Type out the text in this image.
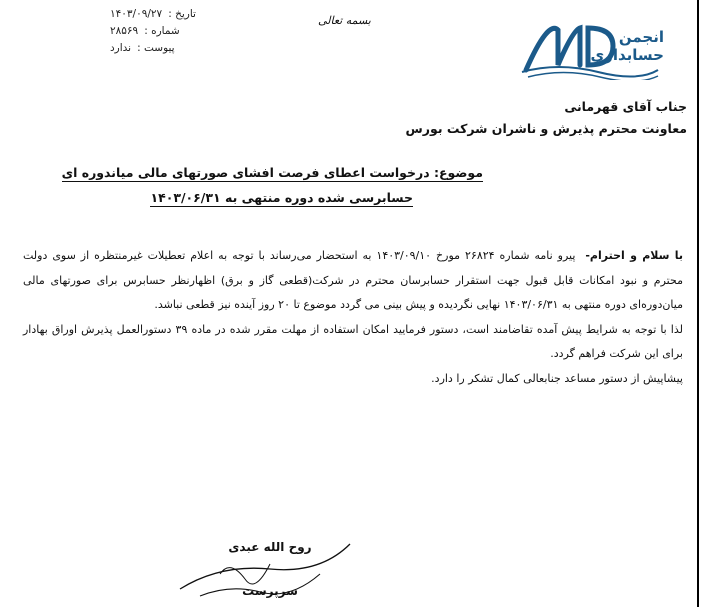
تاریخ :
۱۴۰۳/۰۹/۲۷
شماره :
۲۸۵۶۹
پیوست :
ندارد
بسمه تعالی
انجمن
حسابداری
جناب آقای قهرمانی
معاونت محترم پذیرش و ناشران شرکت بورس
موضوع: درخواست اعطای فرصت افشای صورتهای مالی میاندوره ای
حسابرسی شده دوره منتهی به ۱۴۰۳/۰۶/۳۱

با سلام و احترام-  پیرو نامه شماره ۲۶۸۲۴ مورخ ۱۴۰۳/۰۹/۱۰ به استحضار می‌رساند با توجه به اعلام تعطیلات غیرمنتظره از سوی دولت محترم و نبود امکانات قابل قبول جهت استقرار حسابرسان محترم در شرکت(قطعی گاز و برق) اظهارنظر حسابرس برای صورتهای مالی میان‌دوره‌ای دوره منتهی به ۱۴۰۳/۰۶/۳۱ نهایی نگردیده و پیش بینی می گردد موضوع تا ۲۰ روز آینده نیز قطعی نباشد.

لذا با توجه به شرایط پیش آمده تقاضامند است، دستور فرمایید امکان استفاده از مهلت مقرر شده در ماده ۳۹ دستورالعمل پذیرش اوراق بهادار برای این شرکت فراهم گردد.

پیشاپیش از دستور مساعد جنابعالی کمال تشکر را دارد.

روح الله عبدی
سرپرست
